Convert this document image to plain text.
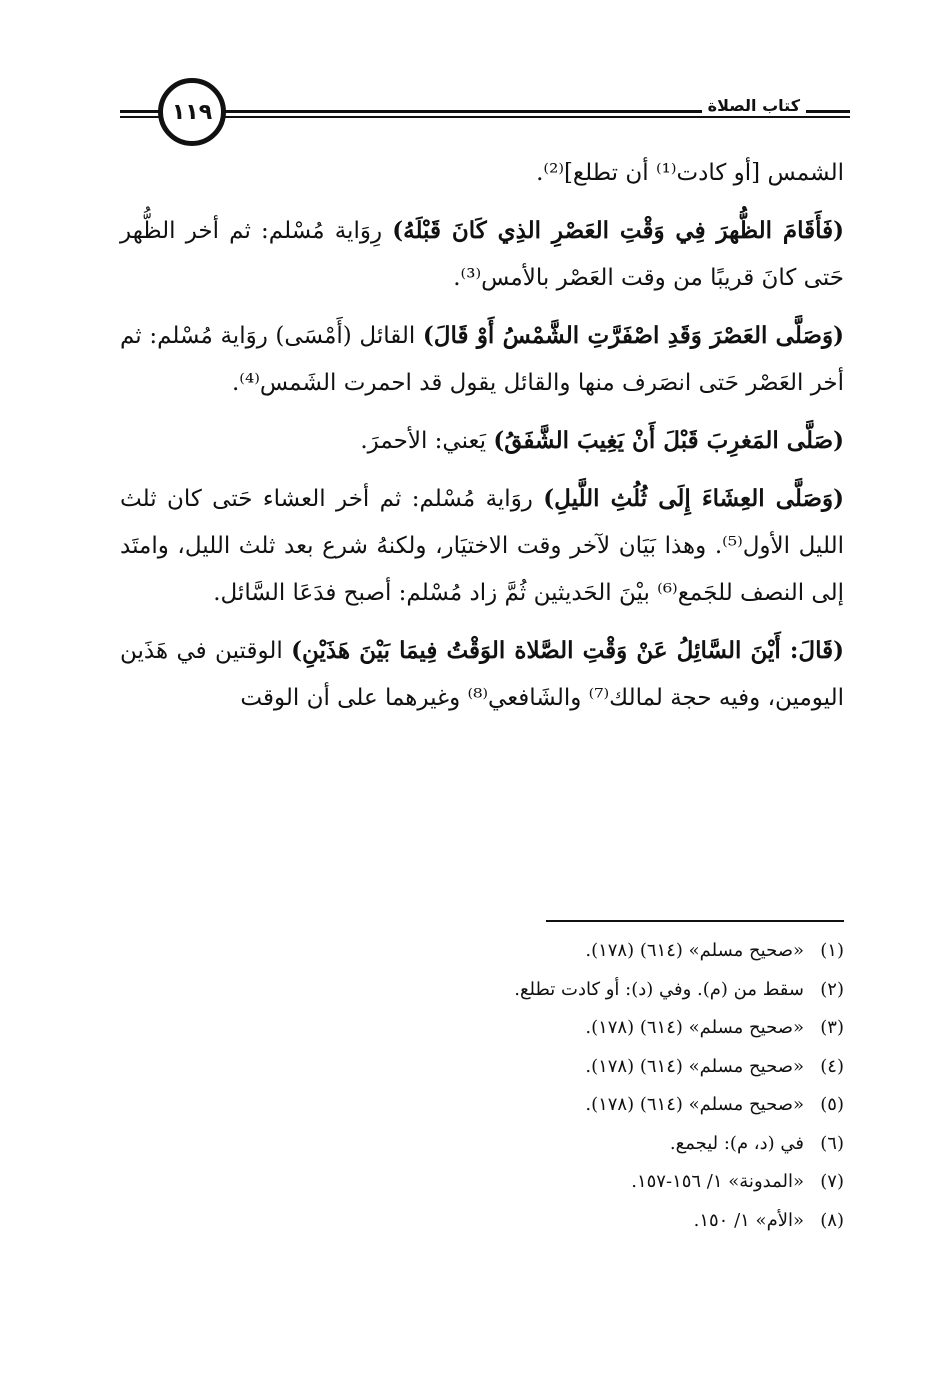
١١٩	كتاب الصلاة

الشمس [أو كادت⁽¹⁾ أن تطلع]⁽²⁾.

(فَأَقَامَ الظُّهرَ فِي وَقْتِ العَصْرِ الذِي كَانَ قَبْلَهُ) رِوَاية مُسْلم: ثم أخر الظُّهر حَتى كانَ قريبًا من وقت العَصْر بالأمس⁽³⁾.

(وَصَلَّى العَصْرَ وَقَدِ اصْفَرَّتِ الشَّمْسُ أَوْ قَالَ) القائل (أَمْسَى) روَاية مُسْلم: ثم أخر العَصْر حَتى انصَرف منها والقائل يقول قد احمرت الشَمس⁽⁴⁾.

(صَلَّى المَغرِبَ قَبْلَ أَنْ يَغِيبَ الشَّفَقُ) يَعني: الأحمرَ.

(وَصَلَّى العِشَاءَ إِلَى ثُلُثِ اللَّيلِ) روَاية مُسْلم: ثم أخر العشاء حَتى كان ثلث الليل الأول⁽⁵⁾. وهذا بَيَان لآخر وقت الاختيَار، ولكنهُ شرع بعد ثلث الليل، وامتَد إلى النصف للجَمع⁽⁶⁾ بيْنَ الحَديثين ثُمَّ زاد مُسْلم: أصبح فدَعَا السَّائل.

(قَالَ: أَيْنَ السَّائِلُ عَنْ وَقْتِ الصَّلاة الوَقْتُ فِيمَا بَيْنَ هَذَيْنِ) الوقتين في هَذَين اليومين، وفيه حجة لمالك⁽⁷⁾ والشَافعي⁽⁸⁾ وغيرهما على أن الوقت

(١)
«صحيح مسلم» (٦١٤) (١٧٨).
(٢)
سقط من (م). وفي (د): أو كادت تطلع.
(٣)
«صحيح مسلم» (٦١٤) (١٧٨).
(٤)
«صحيح مسلم» (٦١٤) (١٧٨).
(٥)
«صحيح مسلم» (٦١٤) (١٧٨).
(٦)
في (د، م): ليجمع.
(٧)
«المدونة» ١/ ١٥٦-١٥٧.
(٨)
«الأم» ١/ ١٥٠.
